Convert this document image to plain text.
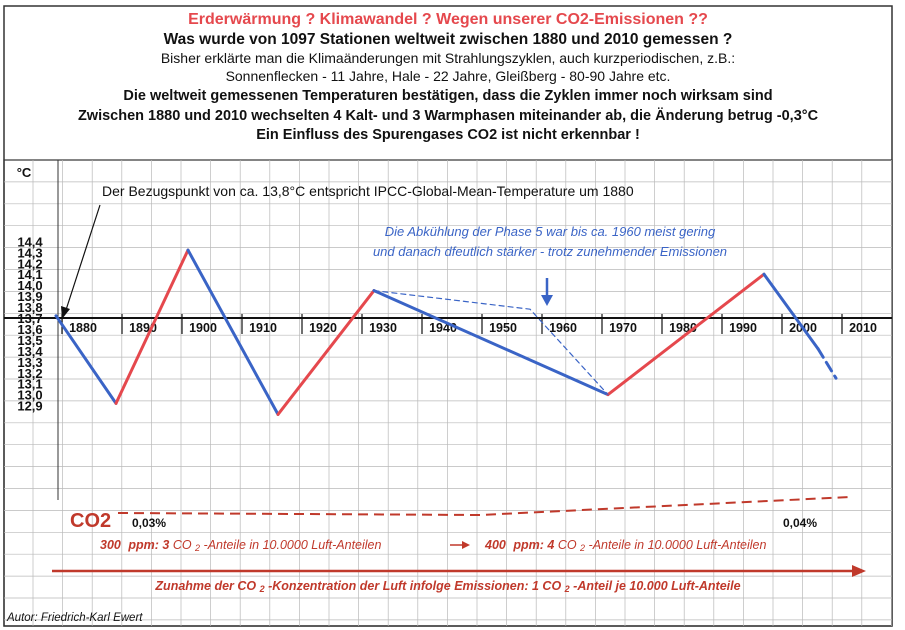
Erderwärmung ? Klimawandel ? Wegen unserer CO2-Emissionen ??
Was wurde von 1097 Stationen weltweit zwischen 1880 und 2010 gemessen ?
Bisher erklärte man die Klimaänderungen mit Strahlungszyklen, auch kurzperiodischen, z.B.:
Sonnenflecken - 11 Jahre, Hale - 22 Jahre, Gleißberg - 80-90 Jahre etc.
Die weltweit gemessenen Temperaturen bestätigen, dass die Zyklen immer noch wirksam sind
Zwischen 1880 und 2010 wechselten 4 Kalt- und 3 Warmphasen miteinander ab, die Änderung betrug -0,3°C
Ein Einfluss des Spurengases CO2 ist nicht erkennbar !
°C
14,4
14,3
14,2
14,1
14,0
13,9
13,8
13,7
13,6
13,5
13,4
13,3
13,2
13,1
13,0
12,9
1880	1890	1900	1910	1920	1930	1940	1950	1960	1970	1980	1990	2000	2010
Der Bezugspunkt von ca. 13,8°C entspricht IPCC-Global-Mean-Temperature um 1880
Die Abkühlung der Phase 5 war bis ca. 1960 meist gering
und danach dfeutlich stärker - trotz zunehmender Emissionen
CO2 0,03%	0,04%
300 ppm: 3 CO 2 -Anteile in 10.0000 Luft-Anteilen	400 ppm: 4 CO 2 -Anteile in 10.0000 Luft-Anteilen
Zunahme der CO 2 -Konzentration der Luft infolge Emissionen: 1 CO 2 -Anteil je 10.000 Luft-Anteile
Autor: Friedrich-Karl Ewert
